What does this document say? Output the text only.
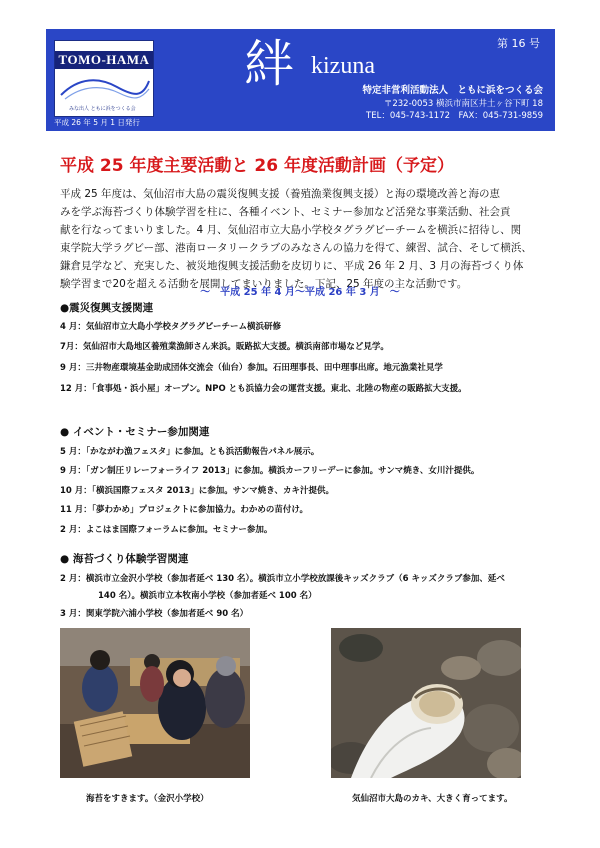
TOMO-HAMA
みな出人 ともに浜をつくる会
平成 26 年 5 月 1 日発行
絆 kizuna
第 16 号
特定非営利活動法人　ともに浜をつくる会
〒232-0053 横浜市南区井土ヶ谷下町 18
TEL：045-743-1172　FAX：045-731-9859
平成 25 年度主要活動と 26 年度活動計画（予定）
平成 25 年度は、気仙沼市大島の震災復興支援（養殖漁業復興支援）と海の環境改善と海の恵
みを学ぶ海苔づくり体験学習を柱に、各種イベント、セミナー参加など活発な事業活動、社会貢
献を行なってまいりました。4 月、気仙沼市立大島小学校タグラグビーチームを横浜に招待し、関
東学院大学ラグビー部、港南ロータリークラブのみなさんの協力を得て、練習、試合、そして横浜、
鎌倉見学など、充実した、被災地復興支援活動を皮切りに、平成 26 年 2 月、3 月の海苔づくり体
験学習まで20を超える活動を展開してまいりました。下記、25 年度の主な活動です。
～　平成 25 年 4 月～平成 26 年 3 月　～
●震災復興支援関連
4 月：気仙沼市立大島小学校タグラグビーチーム横浜研修
7月：気仙沼市大島地区養殖業漁師さん来浜。販路拡大支援。横浜南部市場など見学。
9 月：三井物産環境基金助成団体交流会（仙台）参加。石田理事長、田中理事出席。地元漁業社見学
12 月：「食事処・浜小屋」オープン。NPO とも浜協力会の運営支援。東北、北陸の物産の販路拡大支援。
● イベント・セミナー参加関連
5 月：「かながわ漁フェスタ」に参加。とも浜活動報告パネル展示。
9 月：「ガン制圧リレーフォーライフ 2013」に参加。横浜カーフリーデーに参加。サンマ焼き、女川汁提供。
10 月：「横浜国際フェスタ 2013」に参加。サンマ焼き、カキ汁提供。
11 月：「夢わかめ」プロジェクトに参加協力。わかめの苗付け。
2 月：よこはま国際フォーラムに参加。セミナー参加。
● 海苔づくり体験学習関連
2 月：横浜市立金沢小学校（参加者延べ 130 名）。横浜市立小学校放課後キッズクラブ（6 キッズクラブ参加、延べ
140 名）。横浜市立本牧南小学校（参加者延べ 100 名）
3 月：関東学院六浦小学校（参加者延べ 90 名）
海苔をすきます。（金沢小学校）	気仙沼市大島のカキ、大きく育ってます。
